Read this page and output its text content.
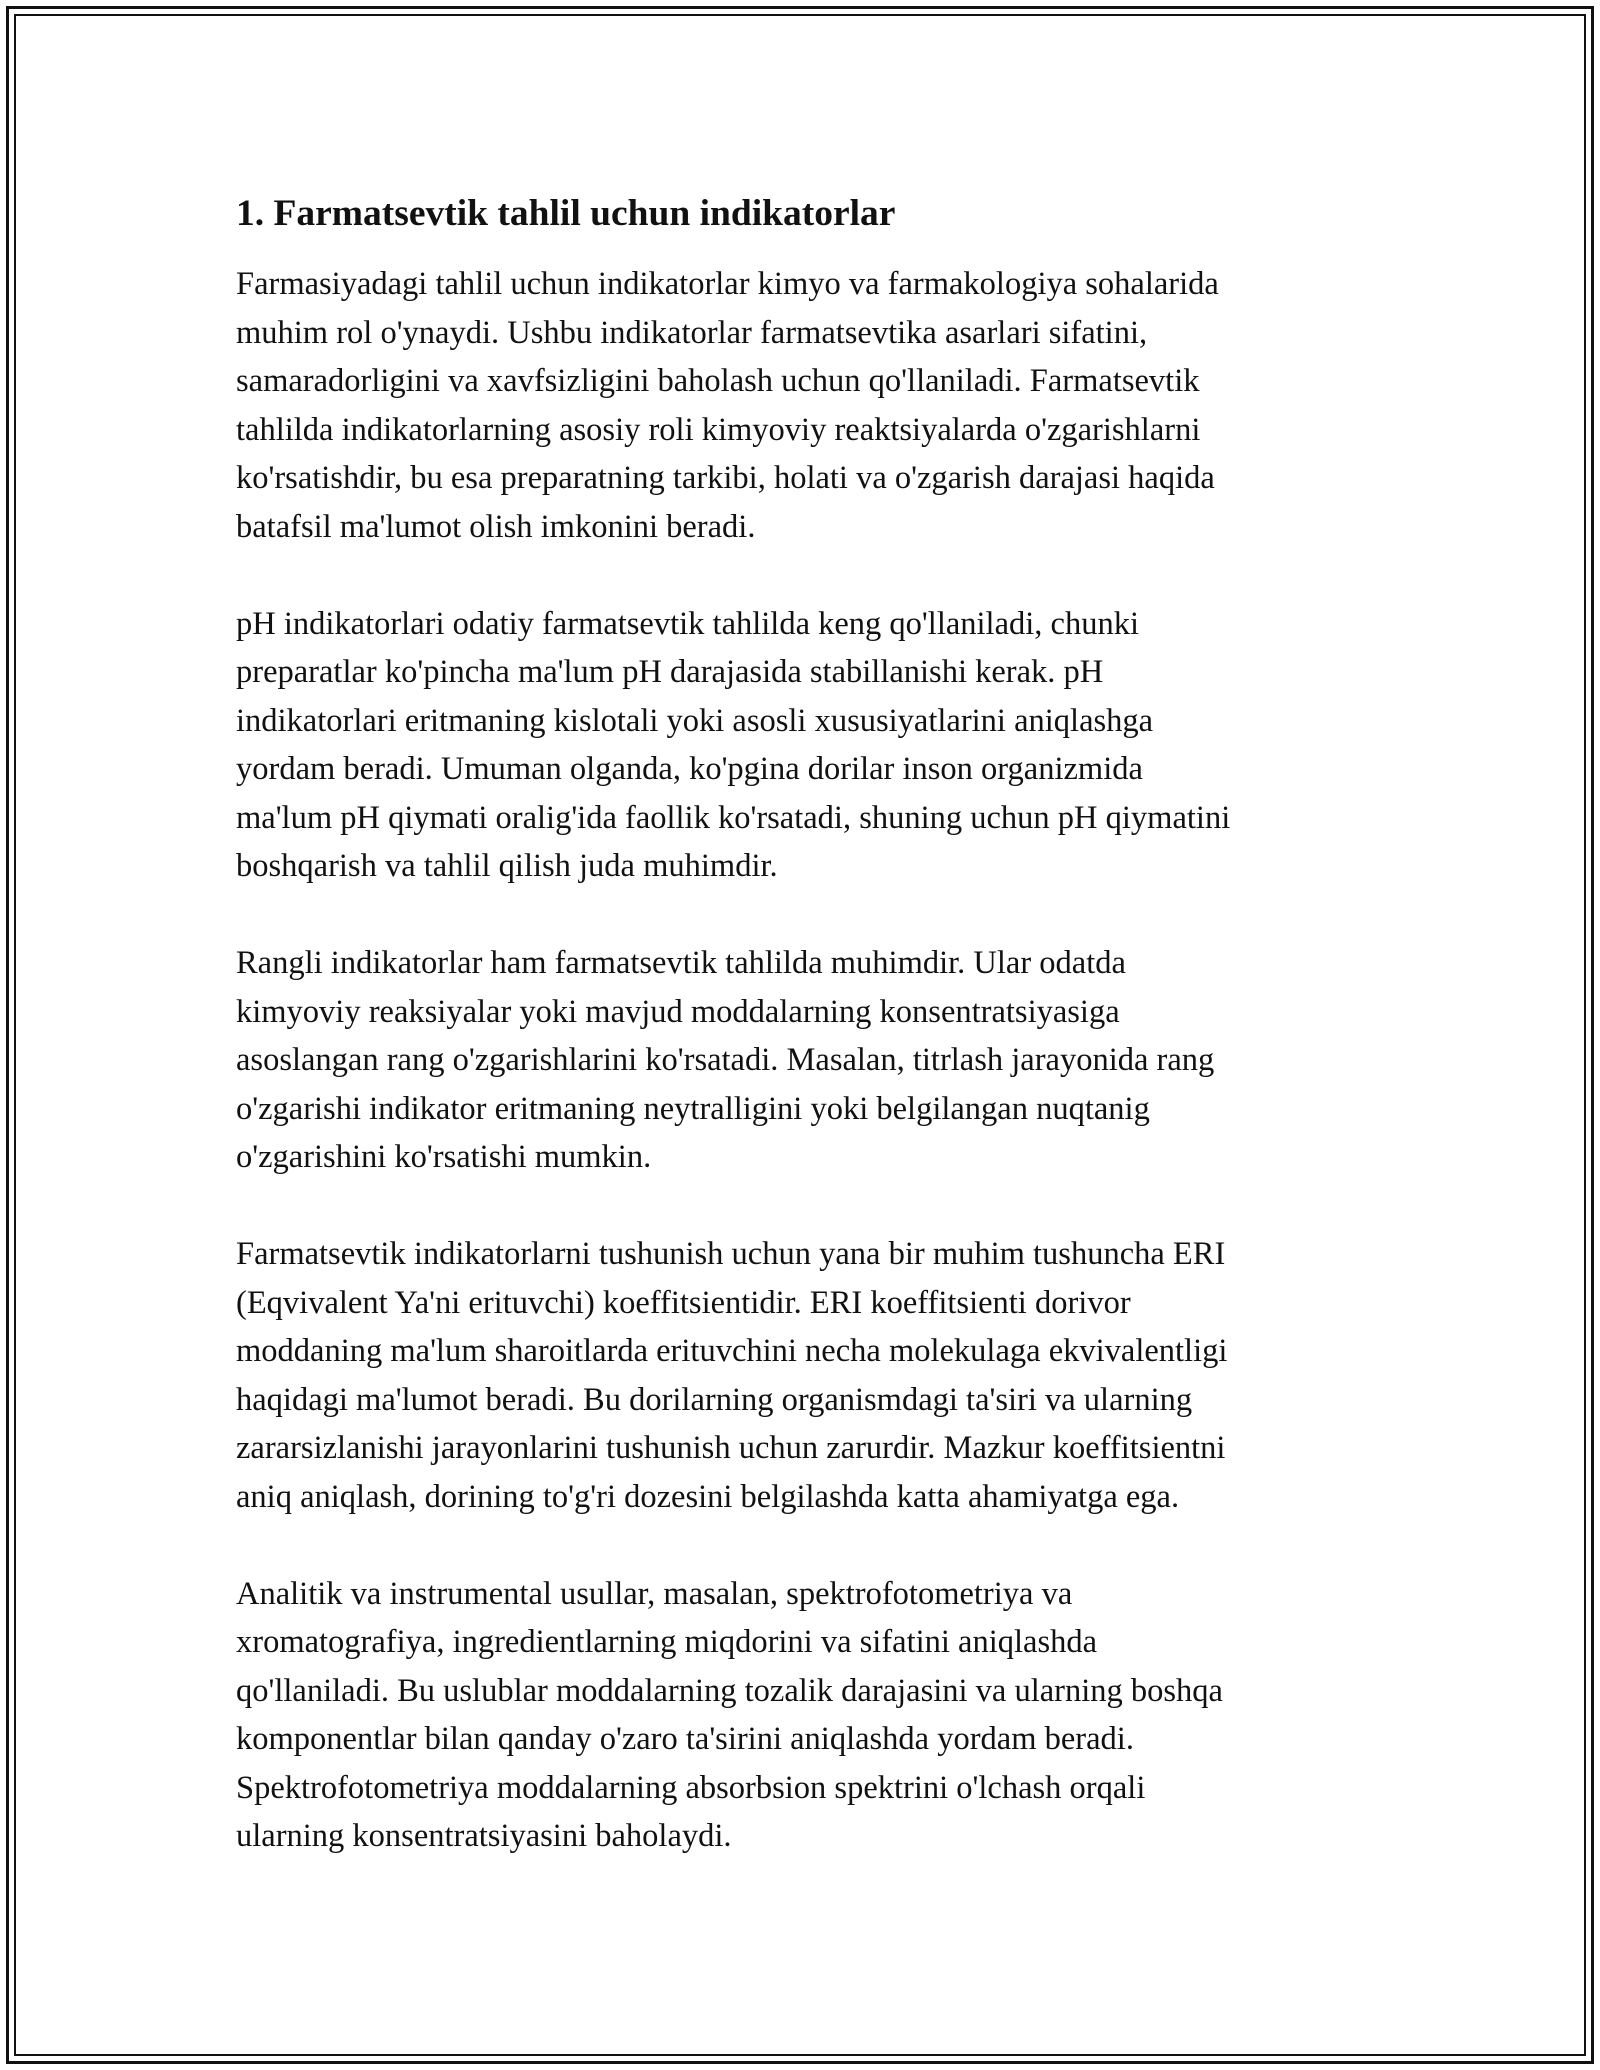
1. Farmatsevtik tahlil uchun indikatorlar
Farmasiyadagi tahlil uchun indikatorlar kimyo va farmakologiya sohalarida
muhim rol o'ynaydi. Ushbu indikatorlar farmatsevtika asarlari sifatini,
samaradorligini va xavfsizligini baholash uchun qo'llaniladi. Farmatsevtik
tahlilda indikatorlarning asosiy roli kimyoviy reaktsiyalarda o'zgarishlarni
ko'rsatishdir, bu esa preparatning tarkibi, holati va o'zgarish darajasi haqida
batafsil ma'lumot olish imkonini beradi.
pH indikatorlari odatiy farmatsevtik tahlilda keng qo'llaniladi, chunki
preparatlar ko'pincha ma'lum pH darajasida stabillanishi kerak. pH
indikatorlari eritmaning kislotali yoki asosli xususiyatlarini aniqlashga
yordam beradi. Umuman olganda, ko'pgina dorilar inson organizmida
ma'lum pH qiymati oralig'ida faollik ko'rsatadi, shuning uchun pH qiymatini
boshqarish va tahlil qilish juda muhimdir.
Rangli indikatorlar ham farmatsevtik tahlilda muhimdir. Ular odatda
kimyoviy reaksiyalar yoki mavjud moddalarning konsentratsiyasiga
asoslangan rang o'zgarishlarini ko'rsatadi. Masalan, titrlash jarayonida rang
o'zgarishi indikator eritmaning neytralligini yoki belgilangan nuqtanig
o'zgarishini ko'rsatishi mumkin.
Farmatsevtik indikatorlarni tushunish uchun yana bir muhim tushuncha ERI
(Eqvivalent Ya'ni erituvchi) koeffitsientidir. ERI koeffitsienti dorivor
moddaning ma'lum sharoitlarda erituvchini necha molekulaga ekvivalentligi
haqidagi ma'lumot beradi. Bu dorilarning organismdagi ta'siri va ularning
zararsizlanishi jarayonlarini tushunish uchun zarurdir. Mazkur koeffitsientni
aniq aniqlash, dorining to'g'ri dozesini belgilashda katta ahamiyatga ega.
Analitik va instrumental usullar, masalan, spektrofotometriya va
xromatografiya, ingredientlarning miqdorini va sifatini aniqlashda
qo'llaniladi. Bu uslublar moddalarning tozalik darajasini va ularning boshqa
komponentlar bilan qanday o'zaro ta'sirini aniqlashda yordam beradi.
Spektrofotometriya moddalarning absorbsion spektrini o'lchash orqali
ularning konsentratsiyasini baholaydi.
